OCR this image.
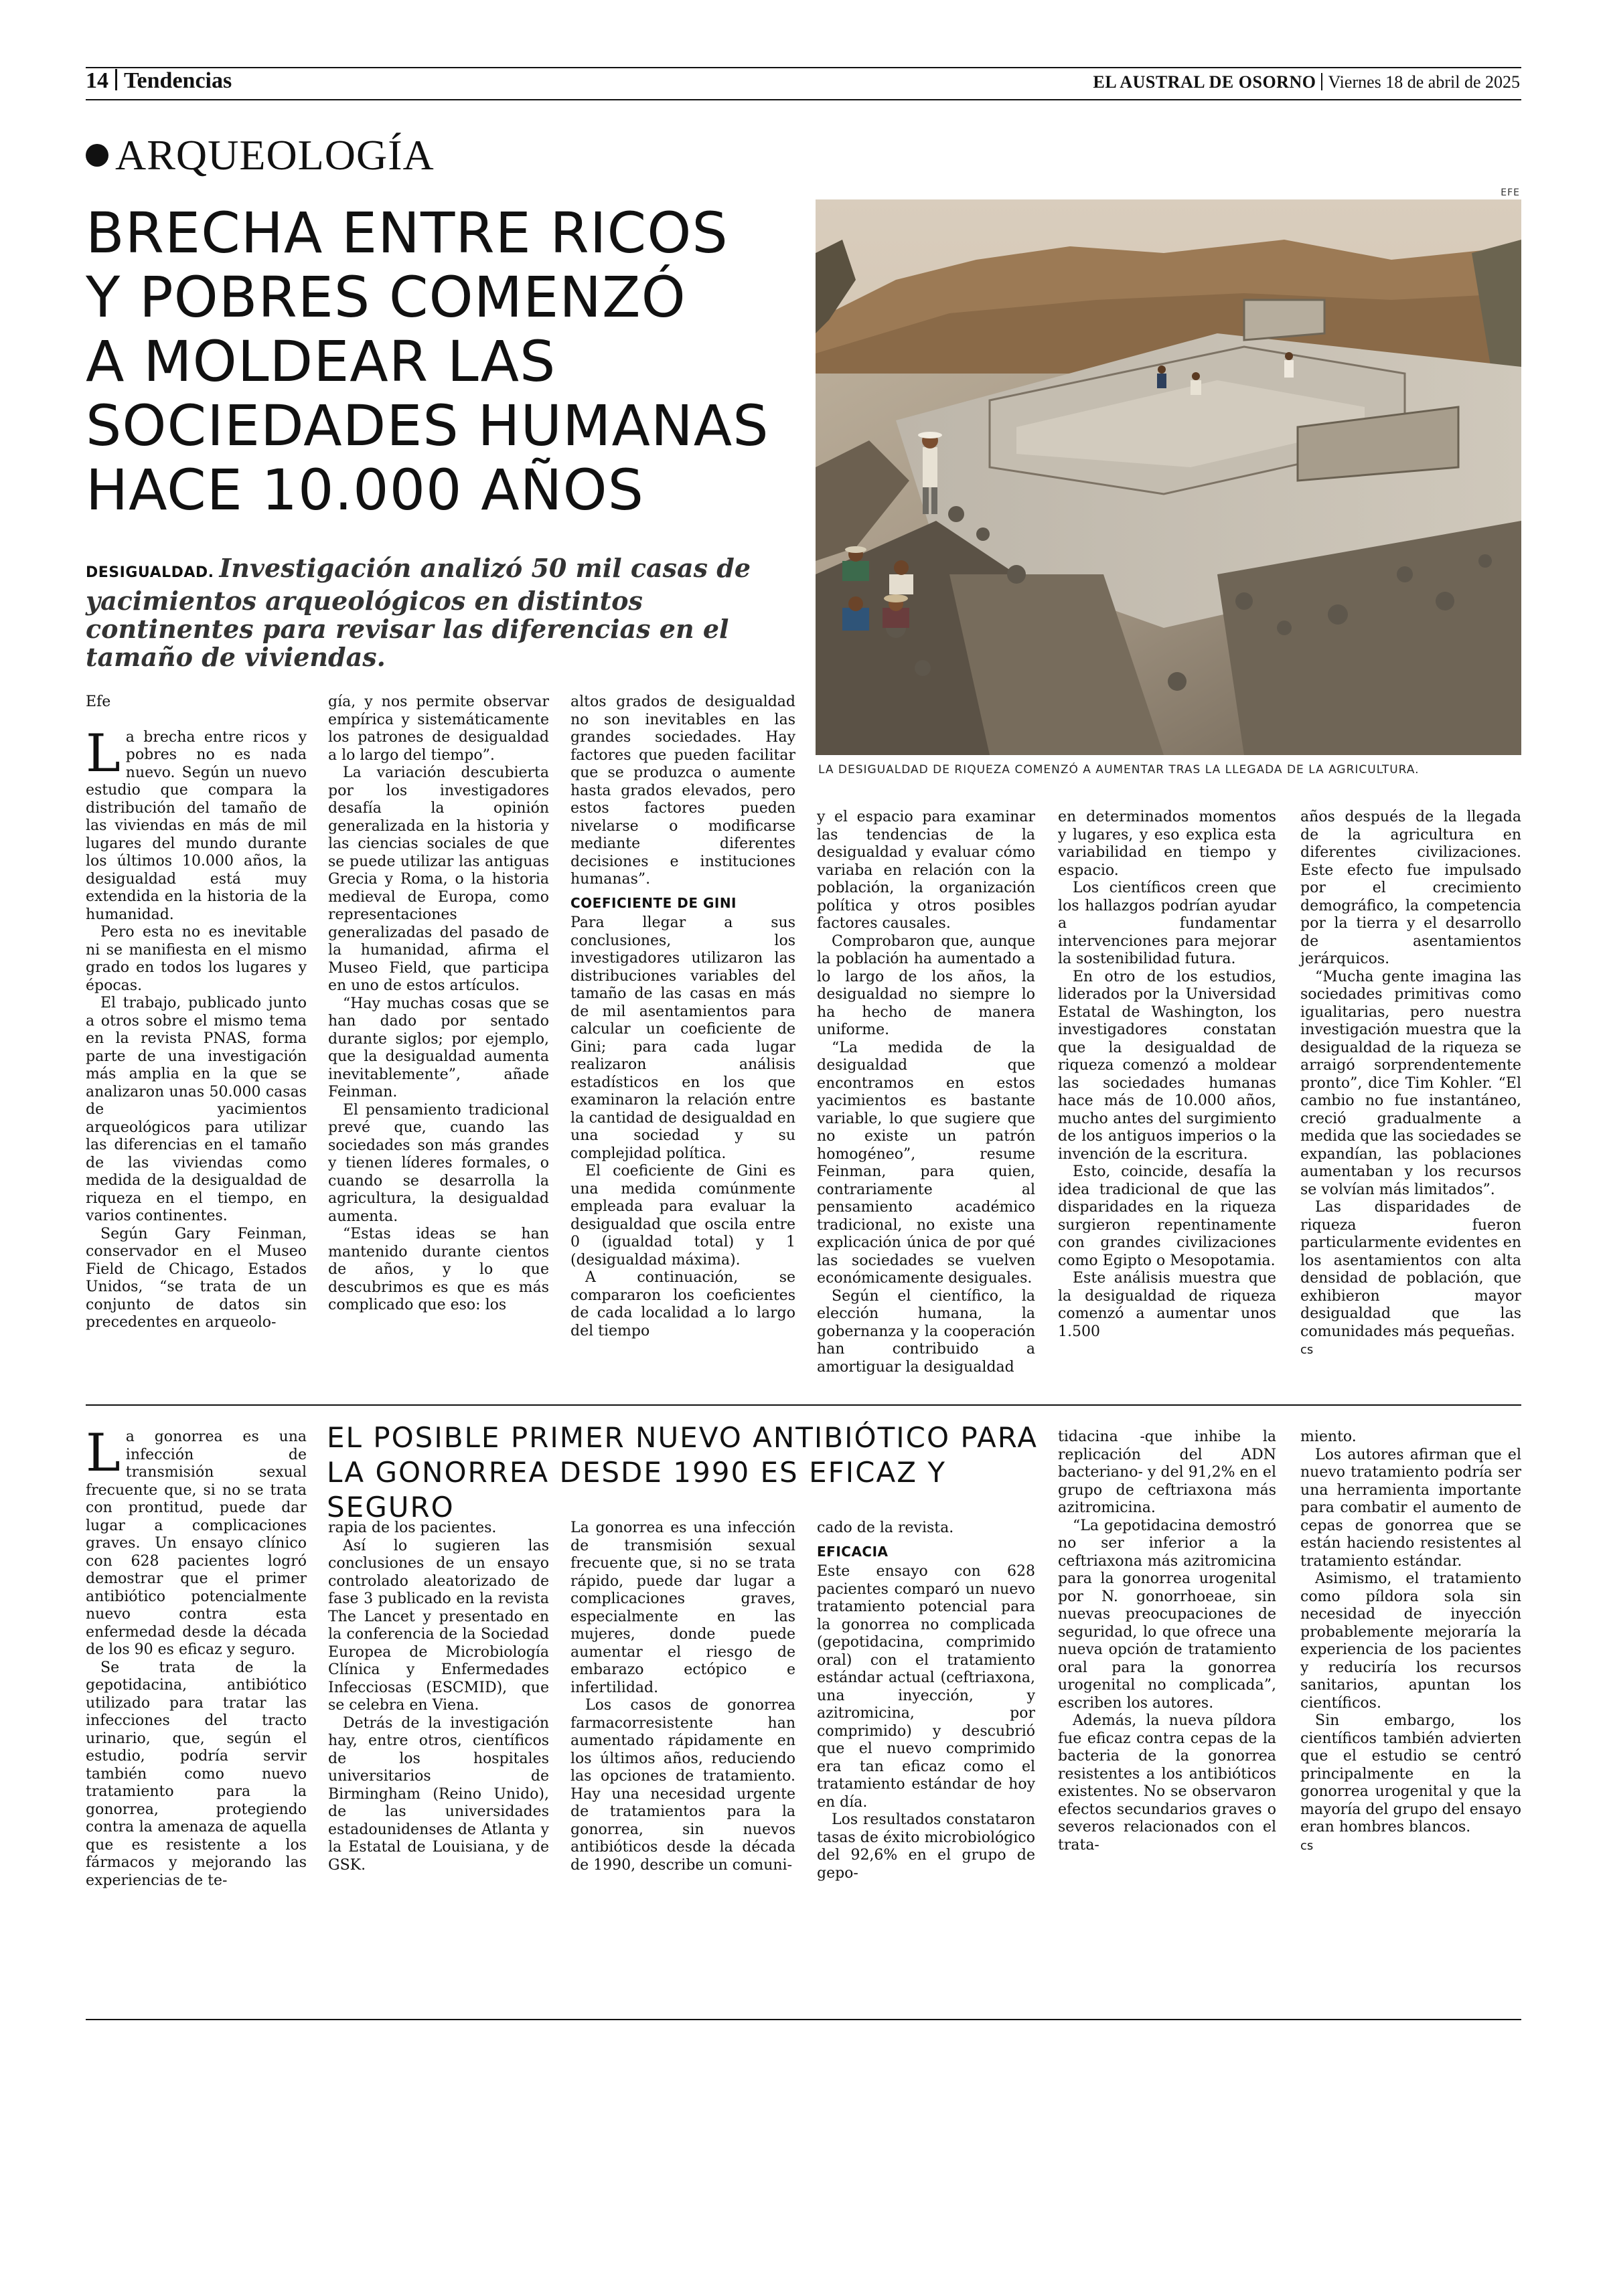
14 Tendencias	EL AUSTRAL DE OSORNO Viernes 18 de abril de 2025
ARQUEOLOGÍA
BRECHA ENTRE RICOS
Y POBRES COMENZÓ
A MOLDEAR LAS
SOCIEDADES HUMANAS
HACE 10.000 AÑOS
DESIGUALDAD. Investigación analizó 50 mil casas de yacimientos arqueológicos en distintos continentes para revisar las diferencias en el tamaño de viviendas.
EFE
LA DESIGUALDAD DE RIQUEZA COMENZÓ A AUMENTAR TRAS LA LLEGADA DE LA AGRICULTURA.
Efe
L a brecha entre ricos y pobres no es nada nuevo. Según un nuevo estudio que compara la distribución del tamaño de las viviendas en más de mil lugares del mundo durante los últimos 10.000 años, la desigualdad está muy extendida en la historia de la humanidad.

Pero esta no es inevitable ni se manifiesta en el mismo grado en todos los lugares y épocas.

El trabajo, publicado junto a otros sobre el mismo tema en la revista PNAS, forma parte de una investigación más amplia en la que se analizaron unas 50.000 casas de yacimientos arqueológicos para utilizar las diferencias en el tamaño de las viviendas como medida de la desigualdad de riqueza en el tiempo, en varios continentes.

Según Gary Feinman, conservador en el Museo Field de Chicago, Estados Unidos, “se trata de un conjunto de datos sin precedentes en arqueolo-

gía, y nos permite observar empírica y sistemáticamente los patrones de desigualdad a lo largo del tiempo”.

La variación descubierta por los investigadores desafía la opinión generalizada en la historia y las ciencias sociales de que se puede utilizar las antiguas Grecia y Roma, o la historia medieval de Europa, como representaciones generalizadas del pasado de la humanidad, afirma el Museo Field, que participa en uno de estos artículos.

“Hay muchas cosas que se han dado por sentado durante siglos; por ejemplo, que la desigualdad aumenta inevitablemente”, añade Feinman.

El pensamiento tradicional prevé que, cuando las sociedades son más grandes y tienen líderes formales, o cuando se desarrolla la agricultura, la desigualdad aumenta.

“Estas ideas se han mantenido durante cientos de años, y lo que descubrimos es que es más complicado que eso: los

altos grados de desigualdad no son inevitables en las grandes sociedades. Hay factores que pueden facilitar que se produzca o aumente hasta grados elevados, pero estos factores pueden nivelarse o modificarse mediante diferentes decisiones e instituciones humanas”.

COEFICIENTE DE GINI

Para llegar a sus conclusiones, los investigadores utilizaron las distribuciones variables del tamaño de las casas en más de mil asentamientos para calcular un coeficiente de Gini; para cada lugar realizaron análisis estadísticos en los que examinaron la relación entre la cantidad de desigualdad en una sociedad y su complejidad política.

El coeficiente de Gini es una medida comúnmente empleada para evaluar la desigualdad que oscila entre 0 (igualdad total) y 1 (desigualdad máxima).

A continuación, se compararon los coeficientes de cada localidad a lo largo del tiempo

y el espacio para examinar las tendencias de la desigualdad y evaluar cómo variaba en relación con la población, la organización política y otros posibles factores causales.

Comprobaron que, aunque la población ha aumentado a lo largo de los años, la desigualdad no siempre lo ha hecho de manera uniforme.

“La medida de la desigualdad que encontramos en estos yacimientos es bastante variable, lo que sugiere que no existe un patrón homogéneo”, resume Feinman, para quien, contrariamente al pensamiento académico tradicional, no existe una explicación única de por qué las sociedades se vuelven económicamente desiguales.

Según el científico, la elección humana, la gobernanza y la cooperación han contribuido a amortiguar la desigualdad

en determinados momentos y lugares, y eso explica esta variabilidad en tiempo y espacio.

Los científicos creen que los hallazgos podrían ayudar a fundamentar intervenciones para mejorar la sostenibilidad futura.

En otro de los estudios, liderados por la Universidad Estatal de Washington, los investigadores constatan que la desigualdad de riqueza comenzó a moldear las sociedades humanas hace más de 10.000 años, mucho antes del surgimiento de los antiguos imperios o la invención de la escritura.

Esto, coincide, desafía la idea tradicional de que las disparidades en la riqueza surgieron repentinamente con grandes civilizaciones como Egipto o Mesopotamia.

Este análisis muestra que la desigualdad de riqueza comenzó a aumentar unos 1.500

años después de la llegada de la agricultura en diferentes civilizaciones. Este efecto fue impulsado por el crecimiento demográfico, la competencia por la tierra y el desarrollo de asentamientos jerárquicos.

“Mucha gente imagina las sociedades primitivas como igualitarias, pero nuestra investigación muestra que la desigualdad de la riqueza se arraigó sorprendentemente pronto”, dice Tim Kohler. “El cambio no fue instantáneo, creció gradualmente a medida que las sociedades se expandían, las poblaciones aumentaban y los recursos se volvían más limitados”.

Las disparidades de riqueza fueron particularmente evidentes en los asentamientos con alta densidad de población, que exhibieron mayor desigualdad que las comunidades más pequeñas.

cs
EL POSIBLE PRIMER NUEVO ANTIBIÓTICO PARA
LA GONORREA DESDE 1990 ES EFICAZ Y SEGURO
L a gonorrea es una infección de transmisión sexual frecuente que, si no se trata con prontitud, puede dar lugar a complicaciones graves. Un ensayo clínico con 628 pacientes logró demostrar que el primer antibiótico potencialmente nuevo contra esta enfermedad desde la década de los 90 es eficaz y seguro.

Se trata de la gepotidacina, antibiótico utilizado para tratar las infecciones del tracto urinario, que, según el estudio, podría servir también como nuevo tratamiento para la gonorrea, protegiendo contra la amenaza de aquella que es resistente a los fármacos y mejorando las experiencias de te-

rapia de los pacientes.

Así lo sugieren las conclusiones de un ensayo controlado aleatorizado de fase 3 publicado en la revista The Lancet y presentado en la conferencia de la Sociedad Europea de Microbiología Clínica y Enfermedades Infecciosas (ESCMID), que se celebra en Viena.

Detrás de la investigación hay, entre otros, científicos de los hospitales universitarios de Birmingham (Reino Unido), de las universidades estadounidenses de Atlanta y la Estatal de Louisiana, y de GSK.

La gonorrea es una infección de transmisión sexual frecuente que, si no se trata rápido, puede dar lugar a complicaciones graves, especialmente en las mujeres, donde puede aumentar el riesgo de embarazo ectópico e infertilidad.

Los casos de gonorrea farmacorresistente han aumentado rápidamente en los últimos años, reduciendo las opciones de tratamiento. Hay una necesidad urgente de tratamientos para la gonorrea, sin nuevos antibióticos desde la década de 1990, describe un comuni-

cado de la revista.

EFICACIA

Este ensayo con 628 pacientes comparó un nuevo tratamiento potencial para la gonorrea no complicada (gepotidacina, comprimido oral) con el tratamiento estándar actual (ceftriaxona, una inyección, y azitromicina, por comprimido) y descubrió que el nuevo comprimido era tan eficaz como el tratamiento estándar de hoy en día.

Los resultados constataron tasas de éxito microbiológico del 92,6% en el grupo de gepo-

tidacina -que inhibe la replicación del ADN bacteriano- y del 91,2% en el grupo de ceftriaxona más azitromicina.

“La gepotidacina demostró no ser inferior a la ceftriaxona más azitromicina para la gonorrea urogenital por N. gonorrhoeae, sin nuevas preocupaciones de seguridad, lo que ofrece una nueva opción de tratamiento oral para la gonorrea urogenital no complicada”, escriben los autores.

Además, la nueva píldora fue eficaz contra cepas de la bacteria de la gonorrea resistentes a los antibióticos existentes. No se observaron efectos secundarios graves o severos relacionados con el trata-

miento.

Los autores afirman que el nuevo tratamiento podría ser una herramienta importante para combatir el aumento de cepas de gonorrea que se están haciendo resistentes al tratamiento estándar.

Asimismo, el tratamiento como píldora sola sin necesidad de inyección probablemente mejoraría la experiencia de los pacientes y reduciría los recursos sanitarios, apuntan los científicos.

Sin embargo, los científicos también advierten que el estudio se centró principalmente en la gonorrea urogenital y que la mayoría del grupo del ensayo eran hombres blancos.

cs
